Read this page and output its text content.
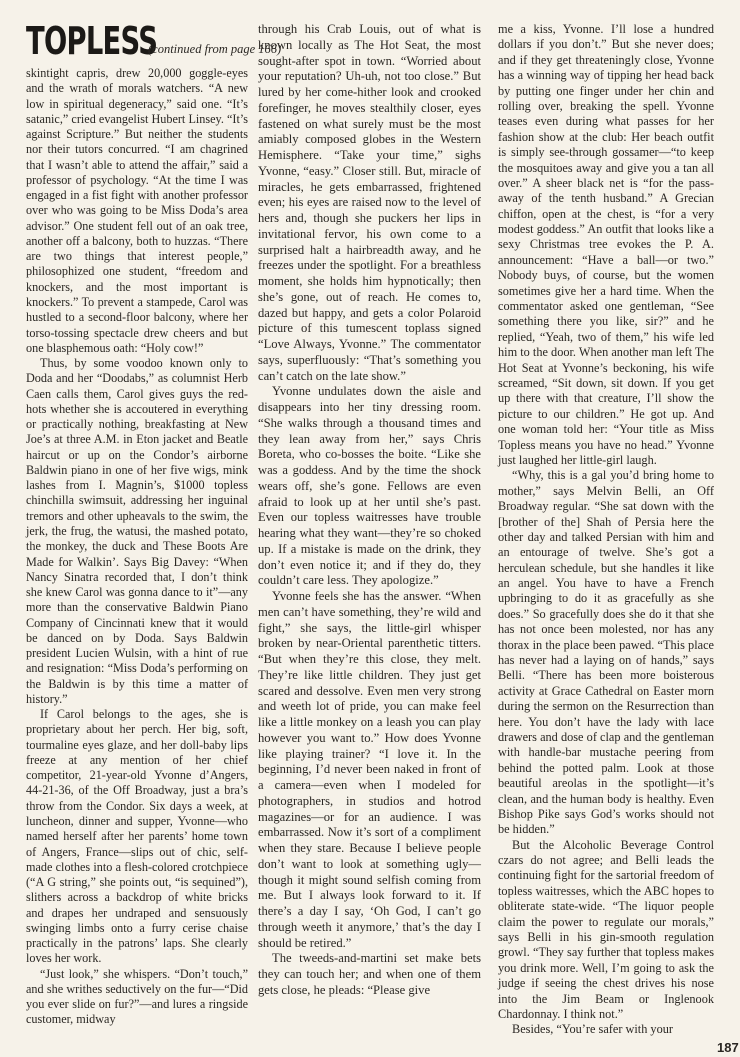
TOPLESS
(continued from page 166)

skintight capris, drew 20,000 goggle-eyes and the wrath of morals watchers. “A new low in spiritual degeneracy,” said one. “It’s satanic,” cried evangelist Hubert Linsey. “It’s against Scripture.” But neither the students nor their tutors concurred. “I am chagrined that I wasn’t able to attend the affair,” said a professor of psychology. “At the time I was engaged in a fist fight with another professor over who was going to be Miss Doda’s area advisor.” One student fell out of an oak tree, another off a balcony, both to huzzas. “There are two things that interest people,” philosophized one student, “freedom and knockers, and the most important is knockers.” To prevent a stampede, Carol was hustled to a second-floor balcony, where her torso-tossing spectacle drew cheers and but one blasphemous oath: “Holy cow!”

Thus, by some voodoo known only to Doda and her “Doodabs,” as columnist Herb Caen calls them, Carol gives guys the red-hots whether she is accoutered in everything or practically nothing, breakfasting at New Joe’s at three A.M. in Eton jacket and Beatle haircut or up on the Condor’s airborne Baldwin piano in one of her five wigs, mink lashes from I. Magnin’s, $1000 topless chinchilla swimsuit, addressing her inguinal tremors and other upheavals to the swim, the jerk, the frug, the watusi, the mashed potato, the monkey, the duck and These Boots Are Made for Walkin’. Says Big Davey: “When Nancy Sinatra recorded that, I don’t think she knew Carol was gonna dance to it”—any more than the conservative Baldwin Piano Company of Cincinnati knew that it would be danced on by Doda. Says Baldwin president Lucien Wulsin, with a hint of rue and resignation: “Miss Doda’s performing on the Baldwin is by this time a matter of history.”

If Carol belongs to the ages, she is proprietary about her perch. Her big, soft, tourmaline eyes glaze, and her doll-baby lips freeze at any mention of her chief competitor, 21-year-old Yvonne d’Angers, 44-21-36, of the Off Broadway, just a bra’s throw from the Condor. Six days a week, at luncheon, dinner and supper, Yvonne—who named herself after her parents’ home town of Angers, France—slips out of chic, self-made clothes into a flesh-colored crotchpiece (“A G string,” she points out, “is sequined”), slithers across a backdrop of white bricks and drapes her undraped and sensuously swinging limbs onto a furry cerise chaise practically in the patrons’ laps. She clearly loves her work.

“Just look,” she whispers. “Don’t touch,” and she writhes seductively on the fur—“Did you ever slide on fur?”—and lures a ringside customer, midway

through his Crab Louis, out of what is known locally as The Hot Seat, the most sought-after spot in town. “Worried about your reputation? Uh-uh, not too close.” But lured by her come-hither look and crooked forefinger, he moves stealthily closer, eyes fastened on what surely must be the most amiably composed globes in the Western Hemisphere. “Take your time,” sighs Yvonne, “easy.” Closer still. But, miracle of miracles, he gets embarrassed, frightened even; his eyes are raised now to the level of hers and, though she puckers her lips in invitational fervor, his own come to a surprised halt a hairbreadth away, and he freezes under the spotlight. For a breathless moment, she holds him hypnotically; then she’s gone, out of reach. He comes to, dazed but happy, and gets a color Polaroid picture of this tumescent toplass signed “Love Always, Yvonne.” The commentator says, superfluously: “That’s something you can’t catch on the late show.”

Yvonne undulates down the aisle and disappears into her tiny dressing room. “She walks through a thousand times and they lean away from her,” says Chris Boreta, who co-bosses the boite. “Like she was a goddess. And by the time the shock wears off, she’s gone. Fellows are even afraid to look up at her until she’s past. Even our topless waitresses have trouble hearing what they want—they’re so choked up. If a mistake is made on the drink, they don’t even notice it; and if they do, they couldn’t care less. They apologize.”

Yvonne feels she has the answer. “When men can’t have something, they’re wild and fight,” she says, the little-girl whisper broken by near-Oriental parenthetic titters. “But when they’re this close, they melt. They’re like little children. They just get scared and dessolve. Even men very strong and weeth lot of pride, you can make feel like a little monkey on a leash you can play however you want to.” How does Yvonne like playing trainer? “I love it. In the beginning, I’d never been naked in front of a camera—even when I modeled for photographers, in studios and hotrod magazines—or for an audience. I was embarrassed. Now it’s sort of a compliment when they stare. Because I believe people don’t want to look at something ugly—though it might sound selfish coming from me. But I always look forward to it. If there’s a day I say, ‘Oh God, I can’t go through weeth it anymore,’ that’s the day I should be retired.”

The tweeds-and-martini set make bets they can touch her; and when one of them gets close, he pleads: “Please give

me a kiss, Yvonne. I’ll lose a hundred dollars if you don’t.” But she never does; and if they get threateningly close, Yvonne has a winning way of tipping her head back by putting one finger under her chin and rolling over, breaking the spell. Yvonne teases even during what passes for her fashion show at the club: Her beach outfit is simply see-through gossamer—“to keep the mosquitoes away and give you a tan all over.” A sheer black net is “for the pass-away of the tenth husband.” A Grecian chiffon, open at the chest, is “for a very modest goddess.” An outfit that looks like a sexy Christmas tree evokes the P. A. announcement: “Have a ball—or two.” Nobody buys, of course, but the women sometimes give her a hard time. When the commentator asked one gentleman, “See something there you like, sir?” and he replied, “Yeah, two of them,” his wife led him to the door. When another man left The Hot Seat at Yvonne’s beckoning, his wife screamed, “Sit down, sit down. If you get up there with that creature, I’ll show the picture to our children.” He got up. And one woman told her: “Your title as Miss Topless means you have no head.” Yvonne just laughed her little-girl laugh.

“Why, this is a gal you’d bring home to mother,” says Melvin Belli, an Off Broadway regular. “She sat down with the [brother of the] Shah of Persia here the other day and talked Persian with him and an entourage of twelve. She’s got a herculean schedule, but she handles it like an angel. You have to have a French upbringing to do it as gracefully as she does.” So gracefully does she do it that she has not once been molested, nor has any thorax in the place been pawed. “This place has never had a laying on of hands,” says Belli. “There has been more boisterous activity at Grace Cathedral on Easter morn during the sermon on the Resurrection than here. You don’t have the lady with lace drawers and dose of clap and the gentleman with handle-bar mustache peering from behind the potted palm. Look at those beautiful areolas in the spotlight—it’s clean, and the human body is healthy. Even Bishop Pike says God’s works should not be hidden.”

But the Alcoholic Beverage Control czars do not agree; and Belli leads the continuing fight for the sartorial freedom of topless waitresses, which the ABC hopes to obliterate state-wide. “The liquor people claim the power to regulate our morals,” says Belli in his gin-smooth regulation growl. “They say further that topless makes you drink more. Well, I’m going to ask the judge if seeing the chest drives his nose into the Jim Beam or Inglenook Chardonnay. I think not.”

Besides, “You’re safer with your

187
